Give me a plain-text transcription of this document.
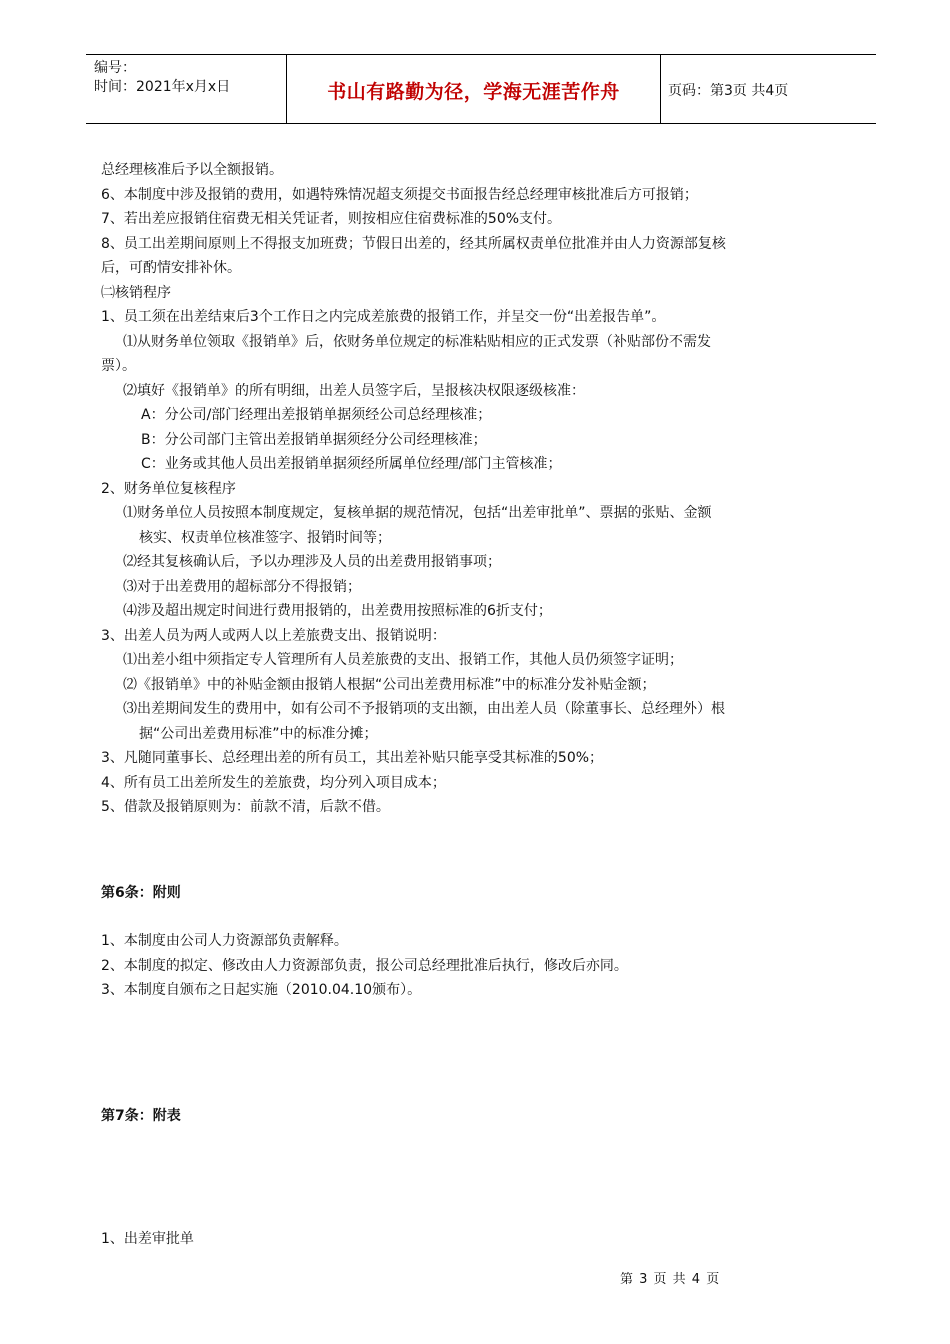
编号：
时间：2021年x月x日	书山有路勤为径，学海无涯苦作舟	页码：第3页 共4页
总经理核准后予以全额报销。
6、本制度中涉及报销的费用，如遇特殊情况超支须提交书面报告经总经理审核批准后方可报销；
7、若出差应报销住宿费无相关凭证者，则按相应住宿费标准的50%支付。
8、员工出差期间原则上不得报支加班费；节假日出差的，经其所属权责单位批准并由人力资源部复核
后，可酌情安排补休。
㈡核销程序
1、员工须在出差结束后3个工作日之内完成差旅费的报销工作，并呈交一份“出差报告单”。
⑴从财务单位领取《报销单》后，依财务单位规定的标准粘贴相应的正式发票（补贴部份不需发
票）。
⑵填好《报销单》的所有明细，出差人员签字后，呈报核决权限逐级核准：
A：分公司/部门经理出差报销单据须经公司总经理核准；
B：分公司部门主管出差报销单据须经分公司经理核准；
C：业务或其他人员出差报销单据须经所属单位经理/部门主管核准；
2、财务单位复核程序
⑴财务单位人员按照本制度规定，复核单据的规范情况，包括“出差审批单”、票据的张贴、金额
核实、权责单位核准签字、报销时间等；
⑵经其复核确认后，予以办理涉及人员的出差费用报销事项；
⑶对于出差费用的超标部分不得报销；
⑷涉及超出规定时间进行费用报销的，出差费用按照标准的6折支付；
3、出差人员为两人或两人以上差旅费支出、报销说明：
⑴出差小组中须指定专人管理所有人员差旅费的支出、报销工作，其他人员仍须签字证明；
⑵《报销单》中的补贴金额由报销人根据“公司出差费用标准”中的标准分发补贴金额；
⑶出差期间发生的费用中，如有公司不予报销项的支出额，由出差人员（除董事长、总经理外）根
据“公司出差费用标准”中的标准分摊；
3、凡随同董事长、总经理出差的所有员工，其出差补贴只能享受其标准的50%；
4、所有员工出差所发生的差旅费，均分列入项目成本；
5、借款及报销原则为：前款不清，后款不借。
第6条：附则
1、本制度由公司人力资源部负责解释。
2、本制度的拟定、修改由人力资源部负责，报公司总经理批准后执行，修改后亦同。
3、本制度自颁布之日起实施（2010.04.10颁布）。
第7条：附表
1、出差审批单
第 3 页 共 4 页
